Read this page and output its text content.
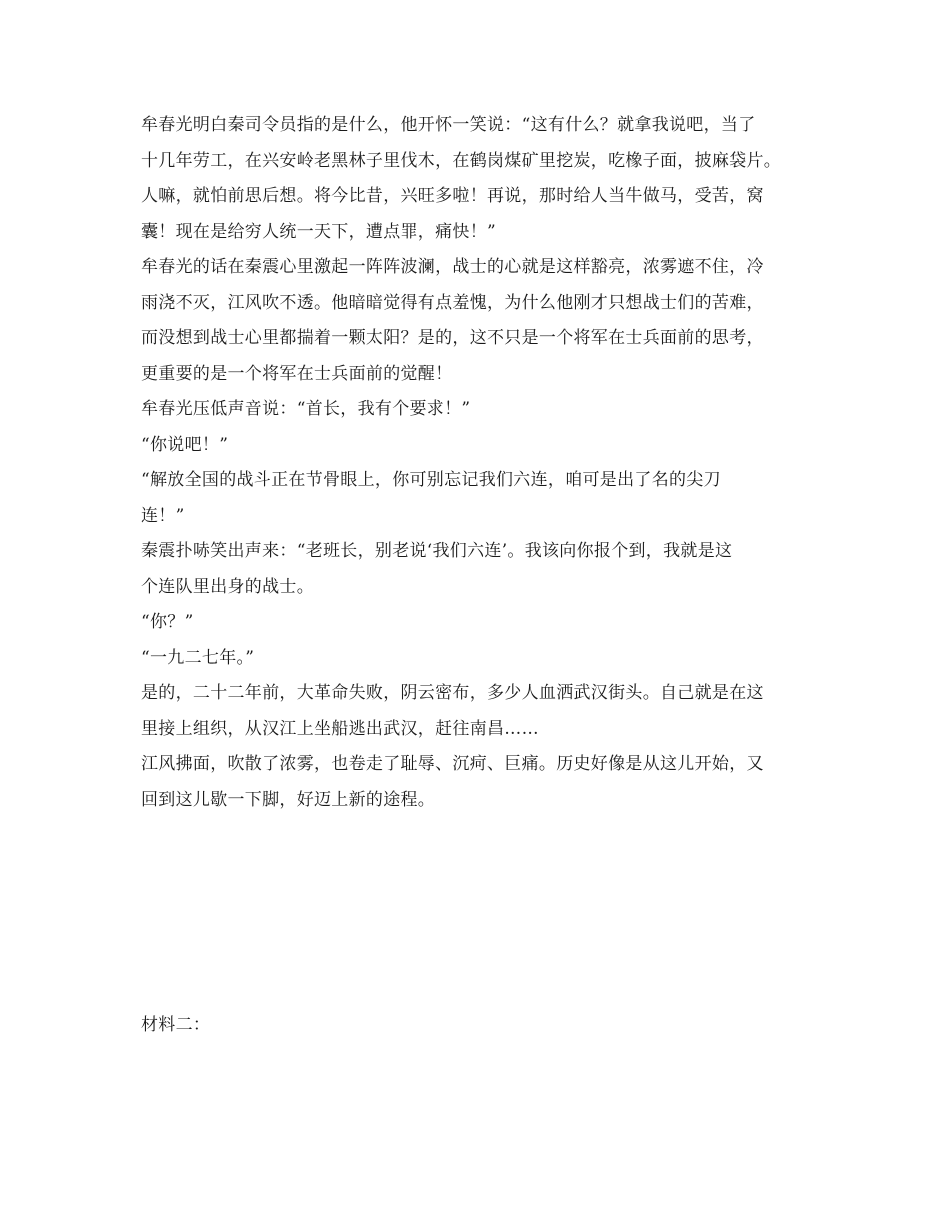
牟春光明白秦司令员指的是什么，他开怀一笑说：“这有什么？就拿我说吧，当了
十几年劳工，在兴安岭老黑林子里伐木，在鹤岗煤矿里挖炭，吃橡子面，披麻袋片。
人嘛，就怕前思后想。将今比昔，兴旺多啦！再说，那时给人当牛做马，受苦，窝
囊！现在是给穷人统一天下，遭点罪，痛快！”
牟春光的话在秦震心里激起一阵阵波澜，战士的心就是这样豁亮，浓雾遮不住，冷
雨浇不灭，江风吹不透。他暗暗觉得有点羞愧，为什么他刚才只想战士们的苦难，
而没想到战士心里都揣着一颗太阳？是的，这不只是一个将军在士兵面前的思考，
更重要的是一个将军在士兵面前的觉醒！
牟春光压低声音说：“首长，我有个要求！”
“你说吧！”
“解放全国的战斗正在节骨眼上，你可别忘记我们六连，咱可是出了名的尖刀
连！”
秦震扑哧笑出声来：“老班长，别老说‘我们六连’。我该向你报个到，我就是这
个连队里出身的战士。
“你？”
“一九二七年。”
是的，二十二年前，大革命失败，阴云密布，多少人血洒武汉街头。自己就是在这
里接上组织，从汉江上坐船逃出武汉，赶往南昌……
江风拂面，吹散了浓雾，也卷走了耻辱、沉疴、巨痛。历史好像是从这儿开始，又
回到这儿歇一下脚，好迈上新的途程。
材料二：
